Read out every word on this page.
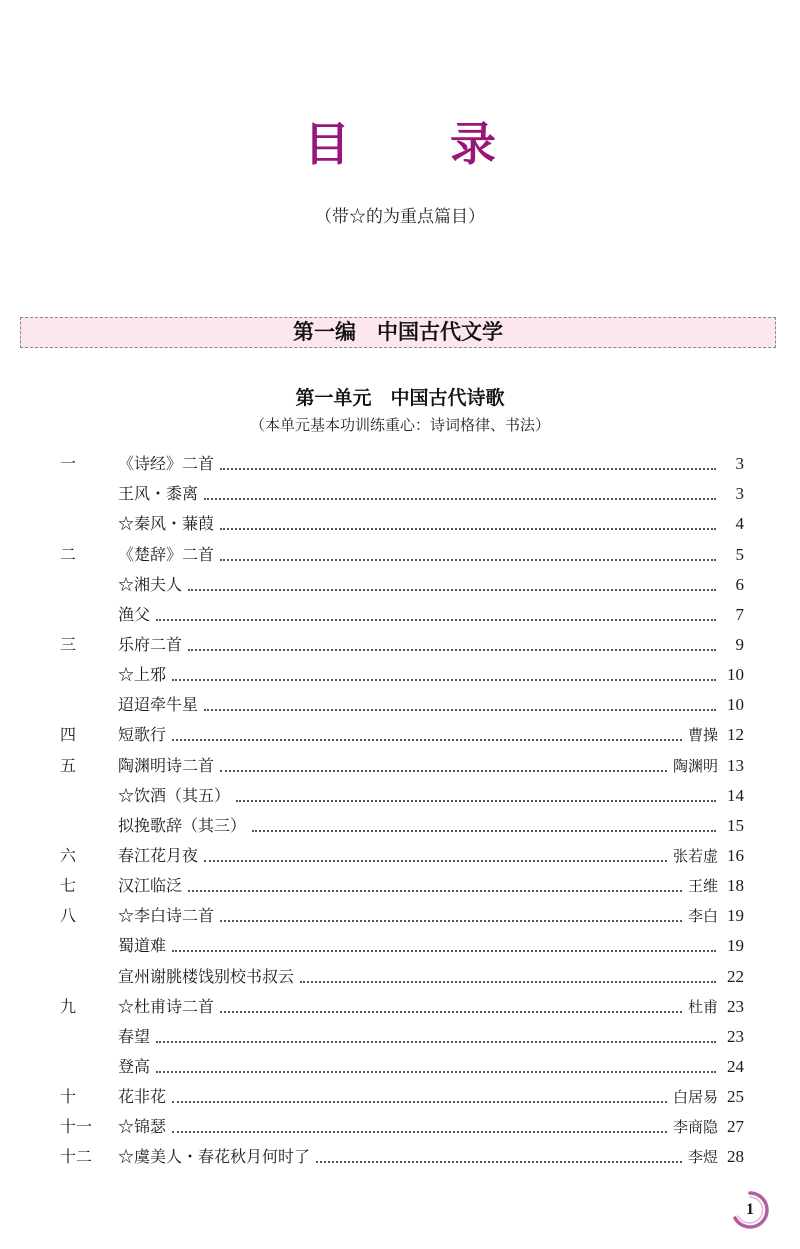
目录
（带☆的为重点篇目）
第一编　中国古代文学
第一单元　中国古代诗歌
（本单元基本功训练重心：诗词格律、书法）
一	《诗经》二首	3
王风・黍离	3
☆秦风・蒹葭	4
二	《楚辞》二首	5
☆湘夫人	6
渔父	7
三	乐府二首	9
☆上邪	10
迢迢牵牛星	10
四	短歌行	曹操 12
五	陶渊明诗二首	陶渊明 13
☆饮酒（其五）	14
拟挽歌辞（其三）	15
六	春江花月夜	张若虚 16
七	汉江临泛	王维 18
八	☆李白诗二首	李白 19
蜀道难	19
宣州谢朓楼饯别校书叔云	22
九	☆杜甫诗二首	杜甫 23
春望	23
登高	24
十	花非花	白居易 25
十一	☆锦瑟	李商隐 27
十二	☆虞美人・春花秋月何时了	李煜 28
1
